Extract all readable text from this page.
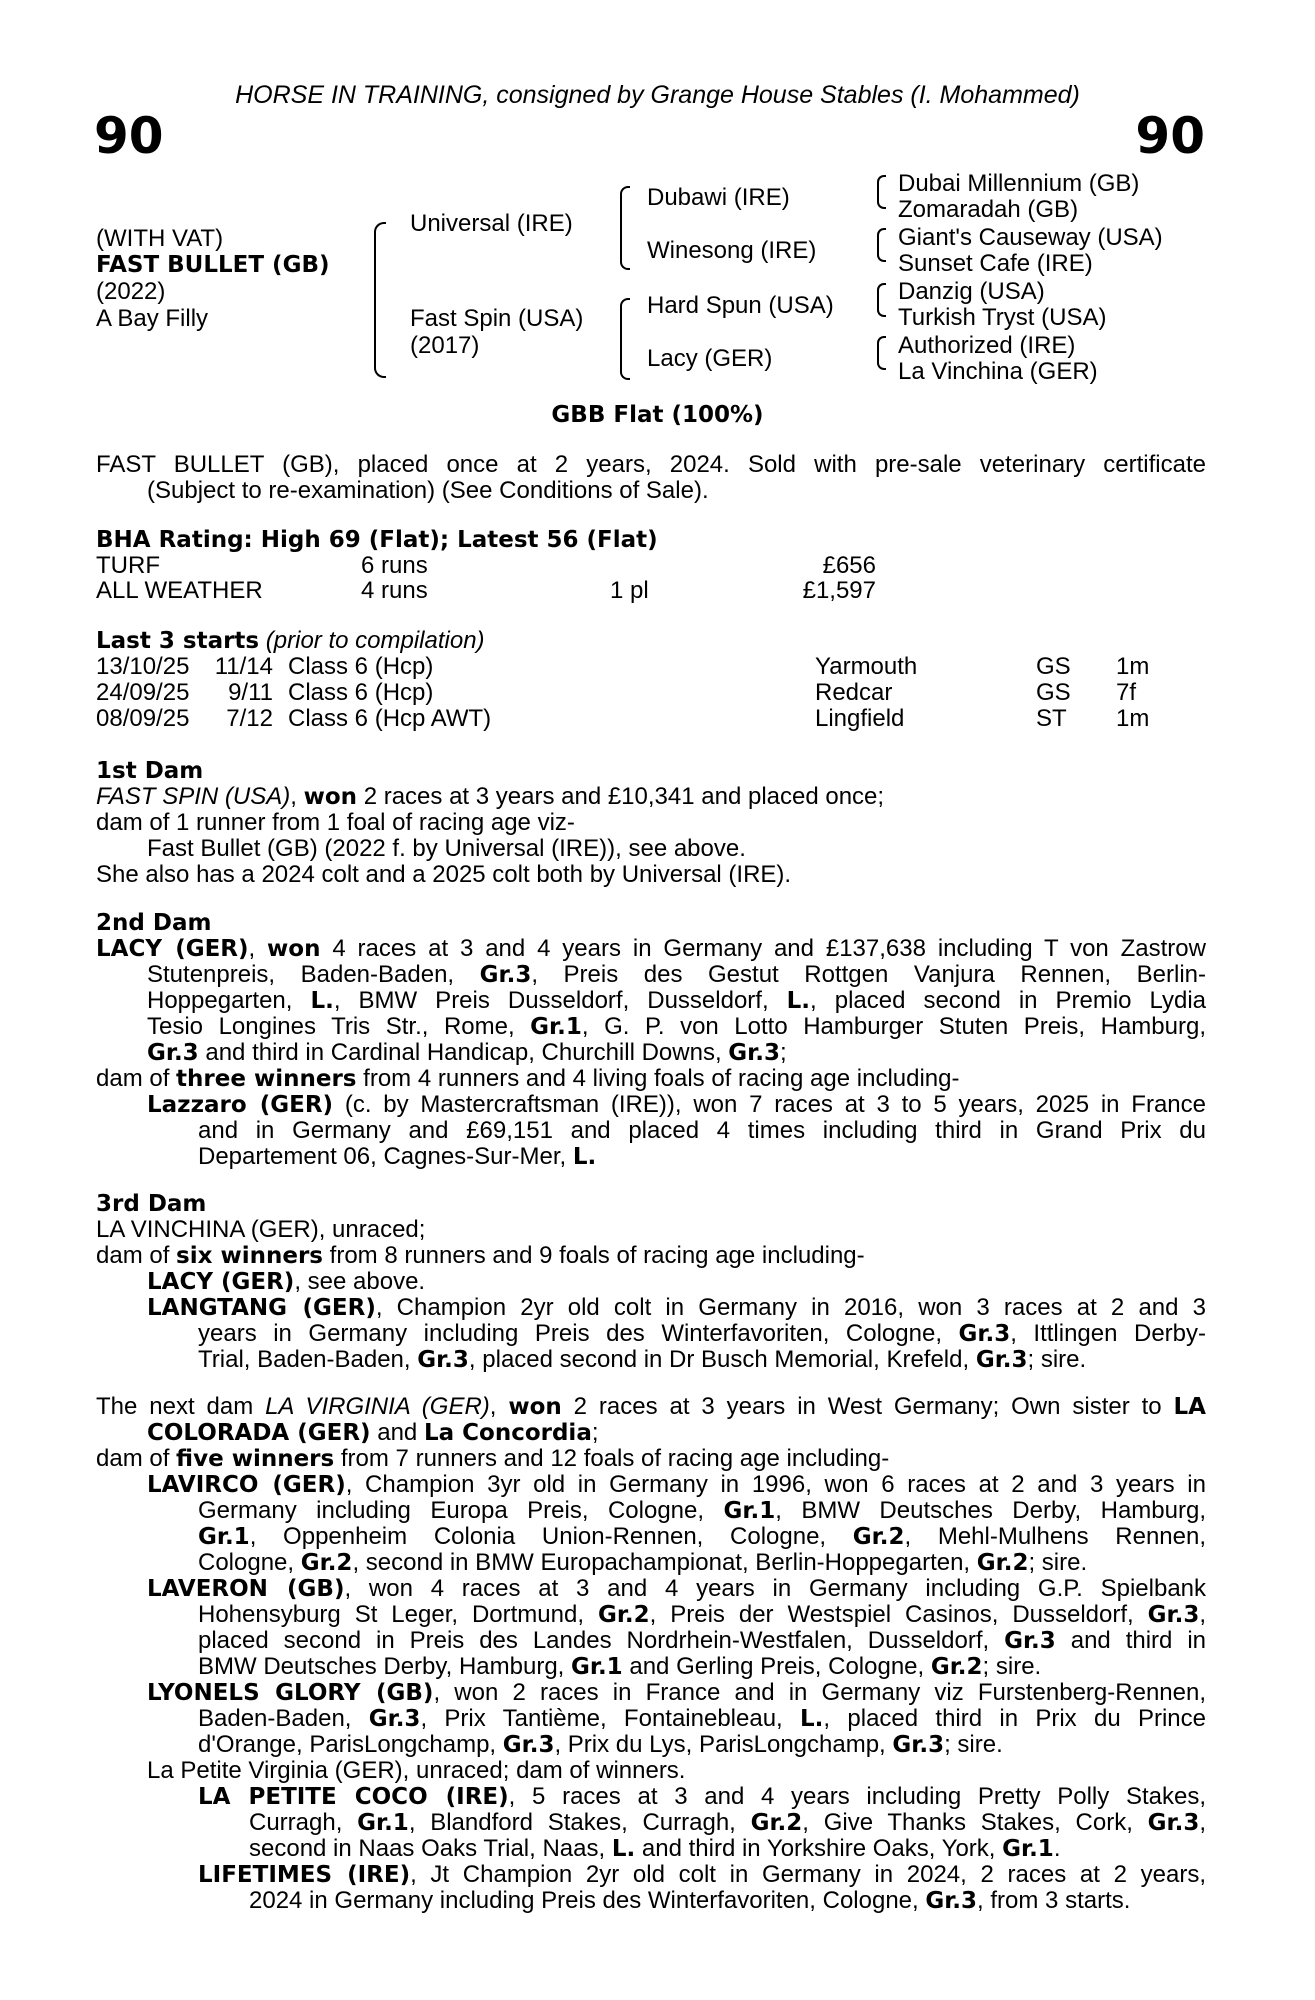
HORSE IN TRAINING, consigned by Grange House Stables (I. Mohammed)
90	90
(WITH VAT)
FAST BULLET (GB)
(2022)
A Bay Filly
Universal (IRE)
Fast Spin (USA)
(2017)
Dubawi (IRE)
Winesong (IRE)
Hard Spun (USA)
Lacy (GER)
Dubai Millennium (GB)
Zomaradah (GB)
Giant's Causeway (USA)
Sunset Cafe (IRE)
Danzig (USA)
Turkish Tryst (USA)
Authorized (IRE)
La Vinchina (GER)
GBB Flat (100%)
FAST BULLET (GB), placed once at 2 years, 2024. Sold with pre-sale veterinary certificate
(Subject to re-examination) (See Conditions of Sale).
BHA Rating: High 69 (Flat); Latest 56 (Flat)
TURF	6 runs	£656
ALL WEATHER	4 runs	1 pl	£1,597
Last 3 starts (prior to compilation)
13/10/25 11/14 Class 6 (Hcp)	Yarmouth	GS 1m
24/09/25 9/11 Class 6 (Hcp)	Redcar	GS 7f
08/09/25 7/12 Class 6 (Hcp AWT)	Lingfield	ST 1m
1st Dam
FAST SPIN (USA), won 2 races at 3 years and £10,341 and placed once;
dam of 1 runner from 1 foal of racing age viz-
Fast Bullet (GB) (2022 f. by Universal (IRE)), see above.
She also has a 2024 colt and a 2025 colt both by Universal (IRE).
2nd Dam
LACY (GER), won 4 races at 3 and 4 years in Germany and £137,638 including T von Zastrow
Stutenpreis, Baden-Baden, Gr.3, Preis des Gestut Rottgen Vanjura Rennen, Berlin-
Hoppegarten, L., BMW Preis Dusseldorf, Dusseldorf, L., placed second in Premio Lydia
Tesio Longines Tris Str., Rome, Gr.1, G. P. von Lotto Hamburger Stuten Preis, Hamburg,
Gr.3 and third in Cardinal Handicap, Churchill Downs, Gr.3;
dam of three winners from 4 runners and 4 living foals of racing age including-
Lazzaro (GER) (c. by Mastercraftsman (IRE)), won 7 races at 3 to 5 years, 2025 in France
and in Germany and £69,151 and placed 4 times including third in Grand Prix du
Departement 06, Cagnes-Sur-Mer, L.
3rd Dam
LA VINCHINA (GER), unraced;
dam of six winners from 8 runners and 9 foals of racing age including-
LACY (GER), see above.
LANGTANG (GER), Champion 2yr old colt in Germany in 2016, won 3 races at 2 and 3
years in Germany including Preis des Winterfavoriten, Cologne, Gr.3, Ittlingen Derby-
Trial, Baden-Baden, Gr.3, placed second in Dr Busch Memorial, Krefeld, Gr.3; sire.
The next dam LA VIRGINIA (GER), won 2 races at 3 years in West Germany; Own sister to LA
COLORADA (GER) and La Concordia;
dam of five winners from 7 runners and 12 foals of racing age including-
LAVIRCO (GER), Champion 3yr old in Germany in 1996, won 6 races at 2 and 3 years in
Germany including Europa Preis, Cologne, Gr.1, BMW Deutsches Derby, Hamburg,
Gr.1, Oppenheim Colonia Union-Rennen, Cologne, Gr.2, Mehl-Mulhens Rennen,
Cologne, Gr.2, second in BMW Europachampionat, Berlin-Hoppegarten, Gr.2; sire.
LAVERON (GB), won 4 races at 3 and 4 years in Germany including G.P. Spielbank
Hohensyburg St Leger, Dortmund, Gr.2, Preis der Westspiel Casinos, Dusseldorf, Gr.3,
placed second in Preis des Landes Nordrhein-Westfalen, Dusseldorf, Gr.3 and third in
BMW Deutsches Derby, Hamburg, Gr.1 and Gerling Preis, Cologne, Gr.2; sire.
LYONELS GLORY (GB), won 2 races in France and in Germany viz Furstenberg-Rennen,
Baden-Baden, Gr.3, Prix Tantième, Fontainebleau, L., placed third in Prix du Prince
d'Orange, ParisLongchamp, Gr.3, Prix du Lys, ParisLongchamp, Gr.3; sire.
La Petite Virginia (GER), unraced; dam of winners.
LA PETITE COCO (IRE), 5 races at 3 and 4 years including Pretty Polly Stakes,
Curragh, Gr.1, Blandford Stakes, Curragh, Gr.2, Give Thanks Stakes, Cork, Gr.3,
second in Naas Oaks Trial, Naas, L. and third in Yorkshire Oaks, York, Gr.1.
LIFETIMES (IRE), Jt Champion 2yr old colt in Germany in 2024, 2 races at 2 years,
2024 in Germany including Preis des Winterfavoriten, Cologne, Gr.3, from 3 starts.
